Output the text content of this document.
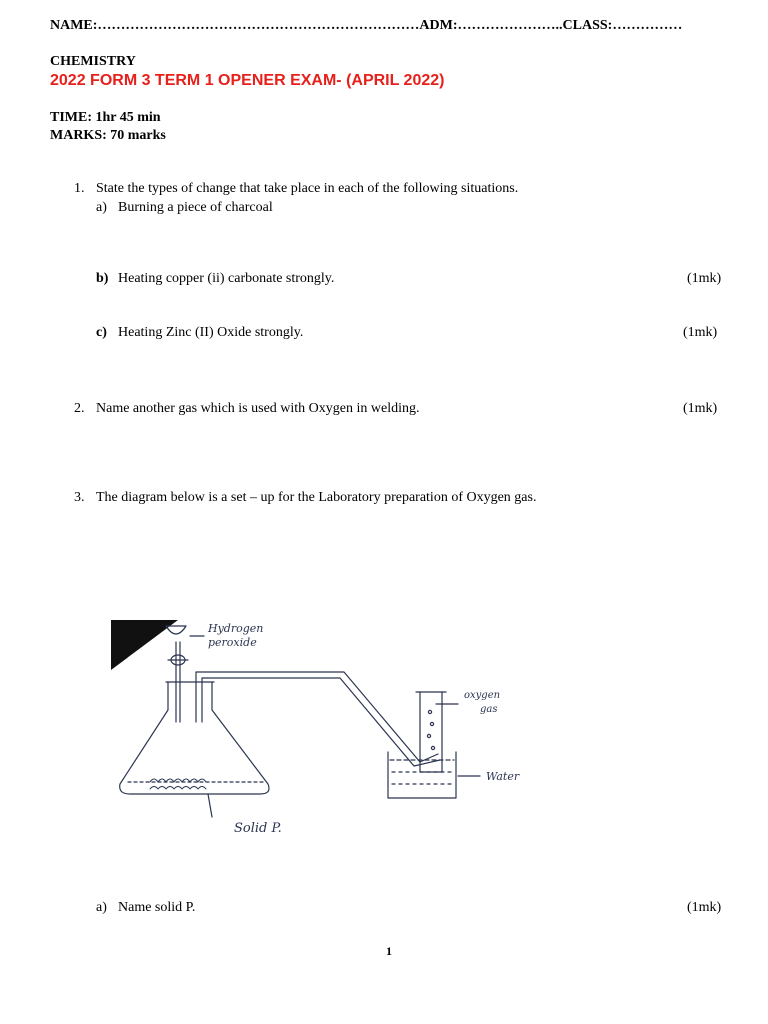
NAME:……………………………………………………………ADM:…………………..CLASS:……………
CHEMISTRY
2022 FORM 3 TERM 1 OPENER EXAM- (APRIL 2022)
TIME: 1hr 45 min
MARKS: 70 marks
1. State the types of change that take place in each of the following situations.
a) Burning a piece of charcoal
b) Heating copper (ii) carbonate strongly.	(1mk)
c) Heating Zinc (II) Oxide strongly.	(1mk)
2. Name another gas which is used with Oxygen in welding.	(1mk)
3. The diagram below is a set – up for the Laboratory preparation of Oxygen gas.
Hydrogen
peroxide
oxygen
gas
Water
Solid P.
a) Name solid P.	(1mk)
1
